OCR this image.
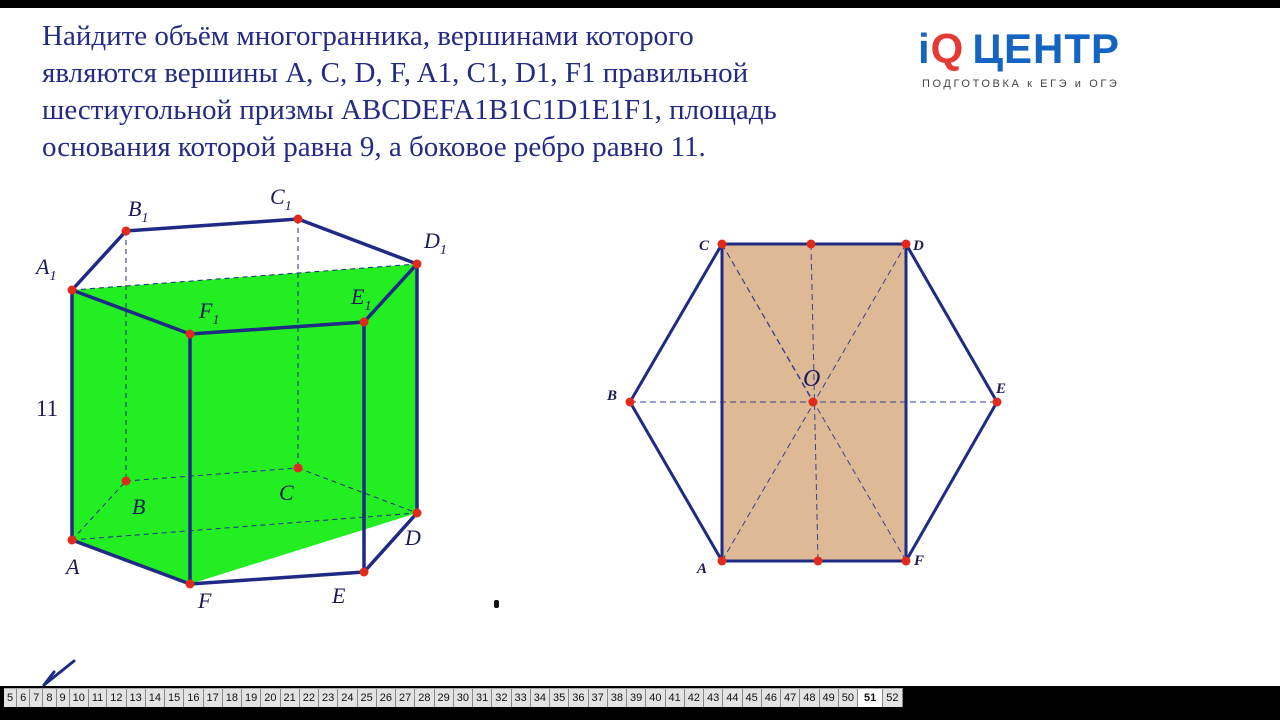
Найдите объём многогранника, вершинами которого
являются вершины A, C, D, F, A1, C1, D1, F1 правильной
шестиугольной призмы ABCDEFA1B1C1D1E1F1, площадь
основания которой равна 9, а боковое ребро равно 11.
iQ ЦЕНТР
ПОДГОТОВКА к ЕГЭ и ОГЭ
A
B
C
D
E
F
$A_1$
$B_1$
$C_1$
$D_1$
$E_1$
$F_1$
11
C	D
B
O	E
A	F
5 6 7 8 9 10 11 12 13 14 15 16 17 18 19 20 21 22 23 24 25 26 27 28 29 30 31 32 33 34 35 36 37 38 39 40 41 42 43 44 45 46 47 48 49 50 51 52
